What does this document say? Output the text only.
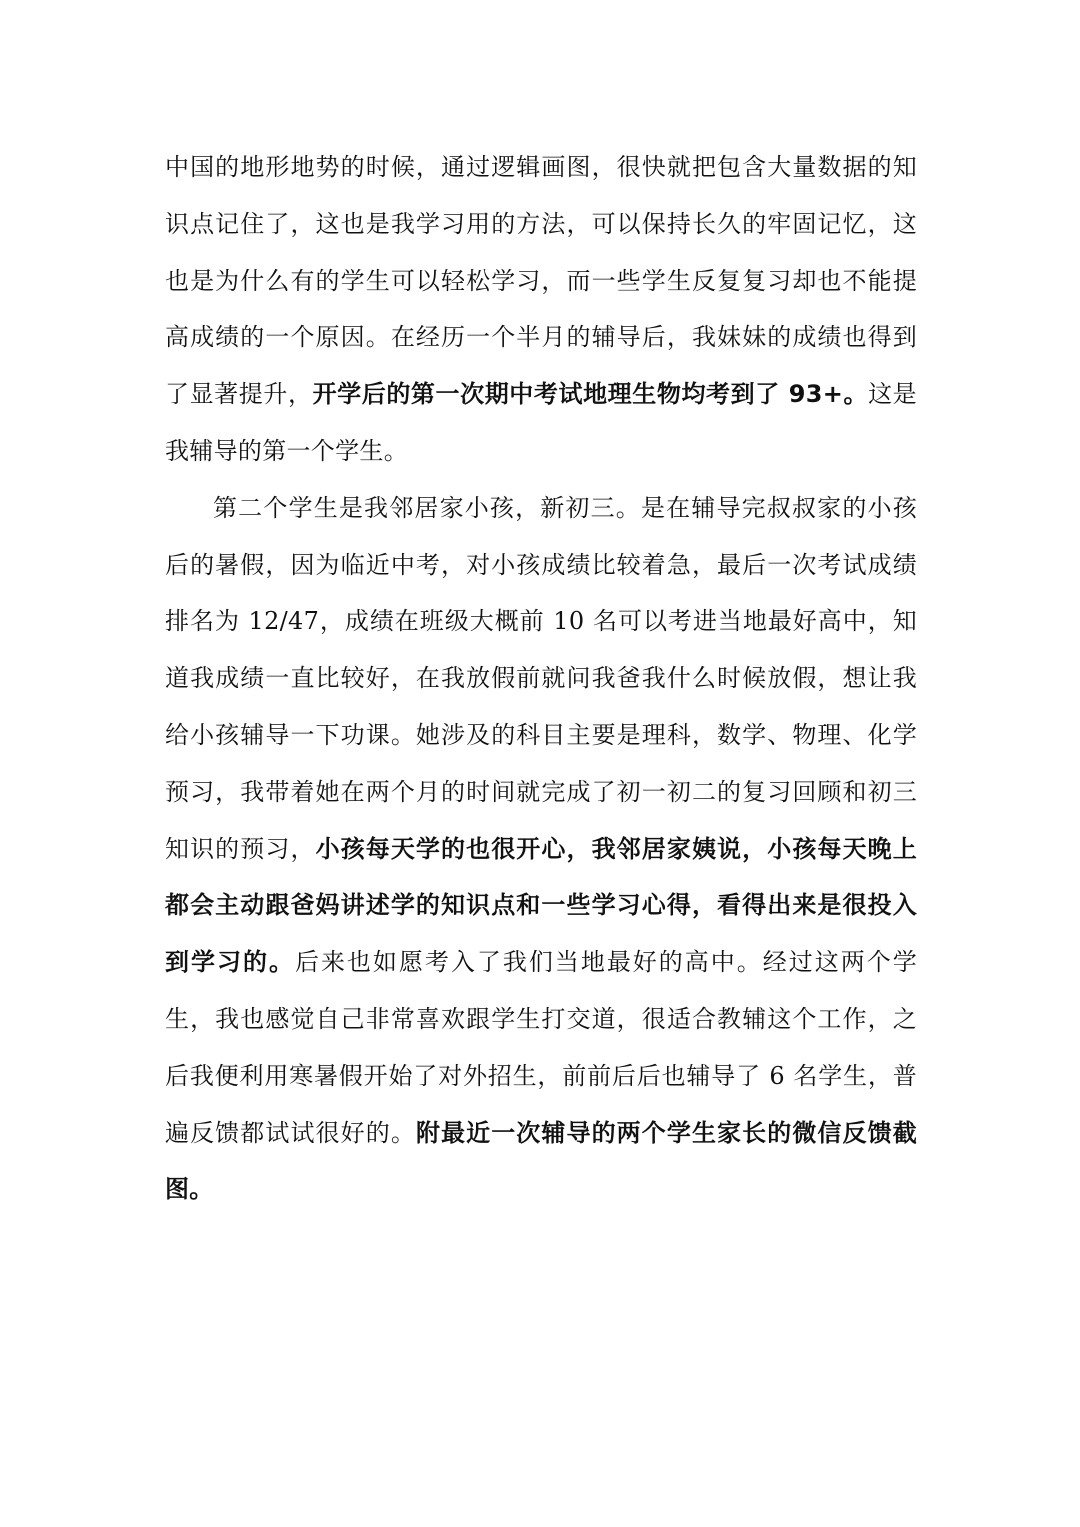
中国的地形地势的时候，通过逻辑画图，很快就把包含大量数据的知识点记住了，这也是我学习用的方法，可以保持长久的牢固记忆，这也是为什么有的学生可以轻松学习，而一些学生反复复习却也不能提高成绩的一个原因。在经历一个半月的辅导后，我妹妹的成绩也得到了显著提升，开学后的第一次期中考试地理生物均考到了 93+。这是我辅导的第一个学生。

第二个学生是我邻居家小孩，新初三。是在辅导完叔叔家的小孩后的暑假，因为临近中考，对小孩成绩比较着急，最后一次考试成绩排名为 12/47，成绩在班级大概前 10 名可以考进当地最好高中，知道我成绩一直比较好，在我放假前就问我爸我什么时候放假，想让我给小孩辅导一下功课。她涉及的科目主要是理科，数学、物理、化学预习，我带着她在两个月的时间就完成了初一初二的复习回顾和初三知识的预习，小孩每天学的也很开心，我邻居家姨说，小孩每天晚上都会主动跟爸妈讲述学的知识点和一些学习心得，看得出来是很投入到学习的。后来也如愿考入了我们当地最好的高中。经过这两个学生，我也感觉自己非常喜欢跟学生打交道，很适合教辅这个工作，之后我便利用寒暑假开始了对外招生，前前后后也辅导了 6 名学生，普遍反馈都试试很好的。附最近一次辅导的两个学生家长的微信反馈截图。
